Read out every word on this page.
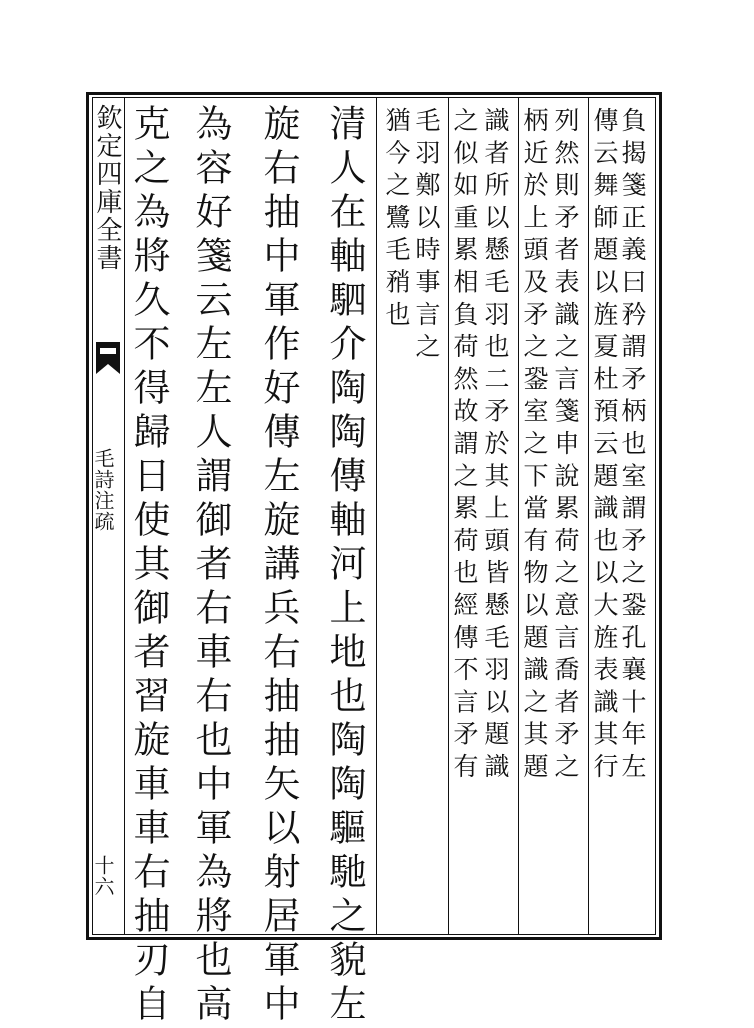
欽定四庫全書
毛詩注疏
十六
負揭箋正義曰矜謂矛柄也室謂矛之銎孔襄十年左
傳云舞師題以旌夏杜預云題識也以大旌表識其行
列然則矛者表識之言箋申說累荷之意言喬者矛之
柄近於上頭及矛之銎室之下當有物以題識之其題
識者所以懸毛羽也二矛於其上頭皆懸毛羽以題識
之似如重累相負荷然故謂之累荷也經傳不言矛有
毛羽鄭以時事言之
猶今之鷺毛矟也
清人在軸駟介陶陶傳軸河上地也陶陶驅馳之貌左
旋右抽中軍作好傳左旋講兵右抽抽矢以射居軍中
為容好箋云左左人謂御者右車右也中軍為將也高
克之為將久不得歸日使其御者習旋車車右抽刃自
